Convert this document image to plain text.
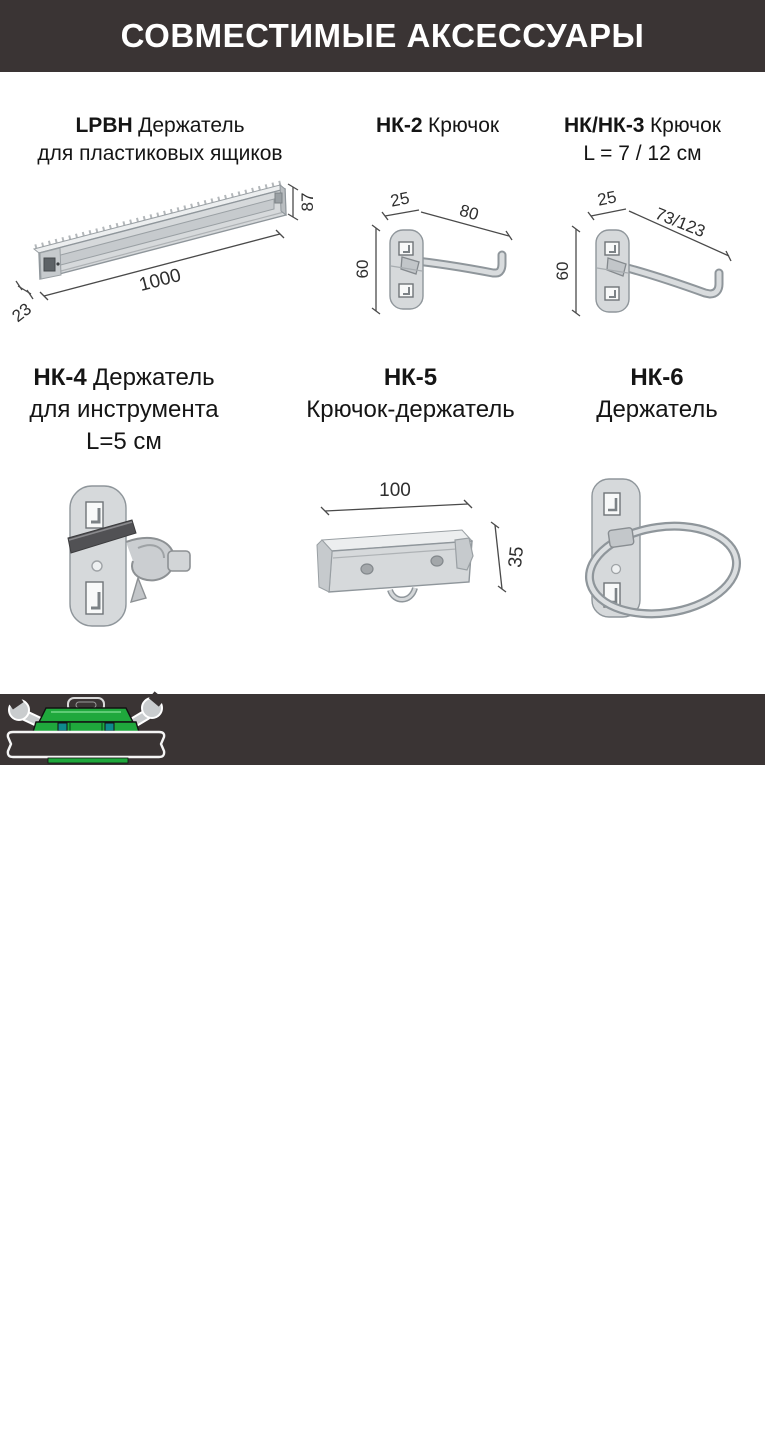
СОВМЕСТИМЫЕ АКСЕССУАРЫ
LPBH Держатель
для пластиковых ящиков
НК-2 Крючок	НК/НК-3 Крючок
L = 7 / 12 см
87
1000
23
60
25
80
60
25
73/123
НК-4 Держатель
для инструмента
L=5 см
НК-5
Крючок-держатель
НК-6
Держатель
100
35
◆ МЕТБ ⚙ КС ◆
